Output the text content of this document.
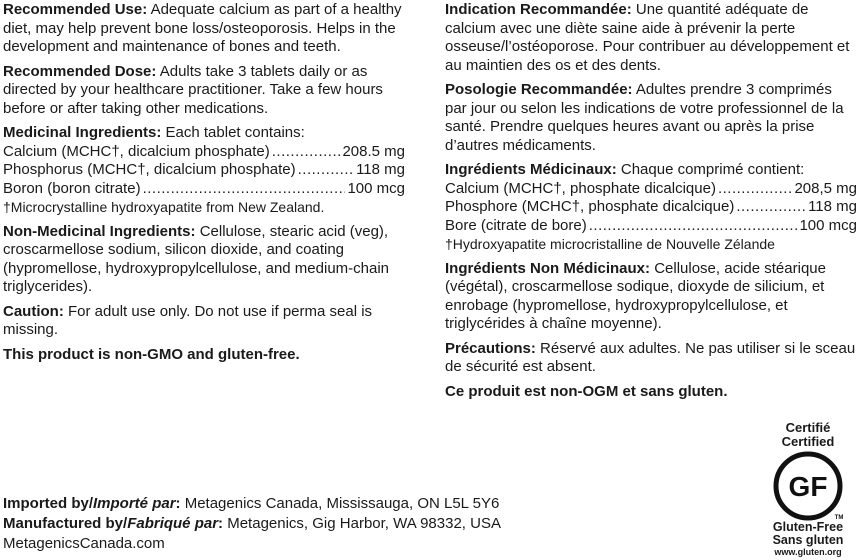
Recommended Use: Adequate calcium as part of a healthy diet, may help prevent bone loss/osteoporosis. Helps in the development and maintenance of bones and teeth.

Recommended Dose: Adults take 3 tablets daily or as directed by your healthcare practitioner. Take a few hours before or after taking other medications.

Medicinal Ingredients: Each tablet contains:

Calcium (MCHC†, dicalcium phosphate) .....	208.5 mg
Phosphorus (MCHC†, dicalcium phosphate) .....	118 mg
Boron (boron citrate) .....	100 mcg

†Microcrystalline hydroxyapatite from New Zealand.

Non-Medicinal Ingredients: Cellulose, stearic acid (veg), croscarmellose sodium, silicon dioxide, and coating (hypromellose, hydroxypropylcellulose, and medium-chain triglycerides).

Caution: For adult use only. Do not use if perma seal is missing.

This product is non-GMO and gluten-free.

Indication Recommandée: Une quantité adéquate de calcium avec une diète saine aide à prévenir la perte osseuse/l’ostéoporose. Pour contribuer au développement et au maintien des os et des dents.

Posologie Recommandée: Adultes prendre 3 comprimés par jour ou selon les indications de votre professionnel de la santé. Prendre quelques heures avant ou après la prise d’autres médicaments.

Ingrédients Médicinaux: Chaque comprimé contient:

Calcium (MCHC†, phosphate dicalcique) .....	208,5 mg
Phosphore (MCHC†, phosphate dicalcique) .....	118 mg
Bore (citrate de bore) .....	100 mcg

†Hydroxyapatite microcristalline de Nouvelle Zélande

Ingrédients Non Médicinaux: Cellulose, acide stéarique (végétal), croscarmellose sodique, dioxyde de silicium, et enrobage (hypromellose, hydroxypropylcellulose, et triglycérides à chaîne moyenne).

Précautions: Réservé aux adultes. Ne pas utiliser si le sceau de sécurité est absent.

Ce produit est non-OGM et sans gluten.

Imported by/Importé par: Metagenics Canada, Mississauga, ON L5L 5Y6

Manufactured by/Fabriqué par: Metagenics, Gig Harbor, WA 98332, USA

MetagenicsCanada.com

Certifié
Certified
GF
TM
Gluten-Free
Sans gluten
www.gluten.org
